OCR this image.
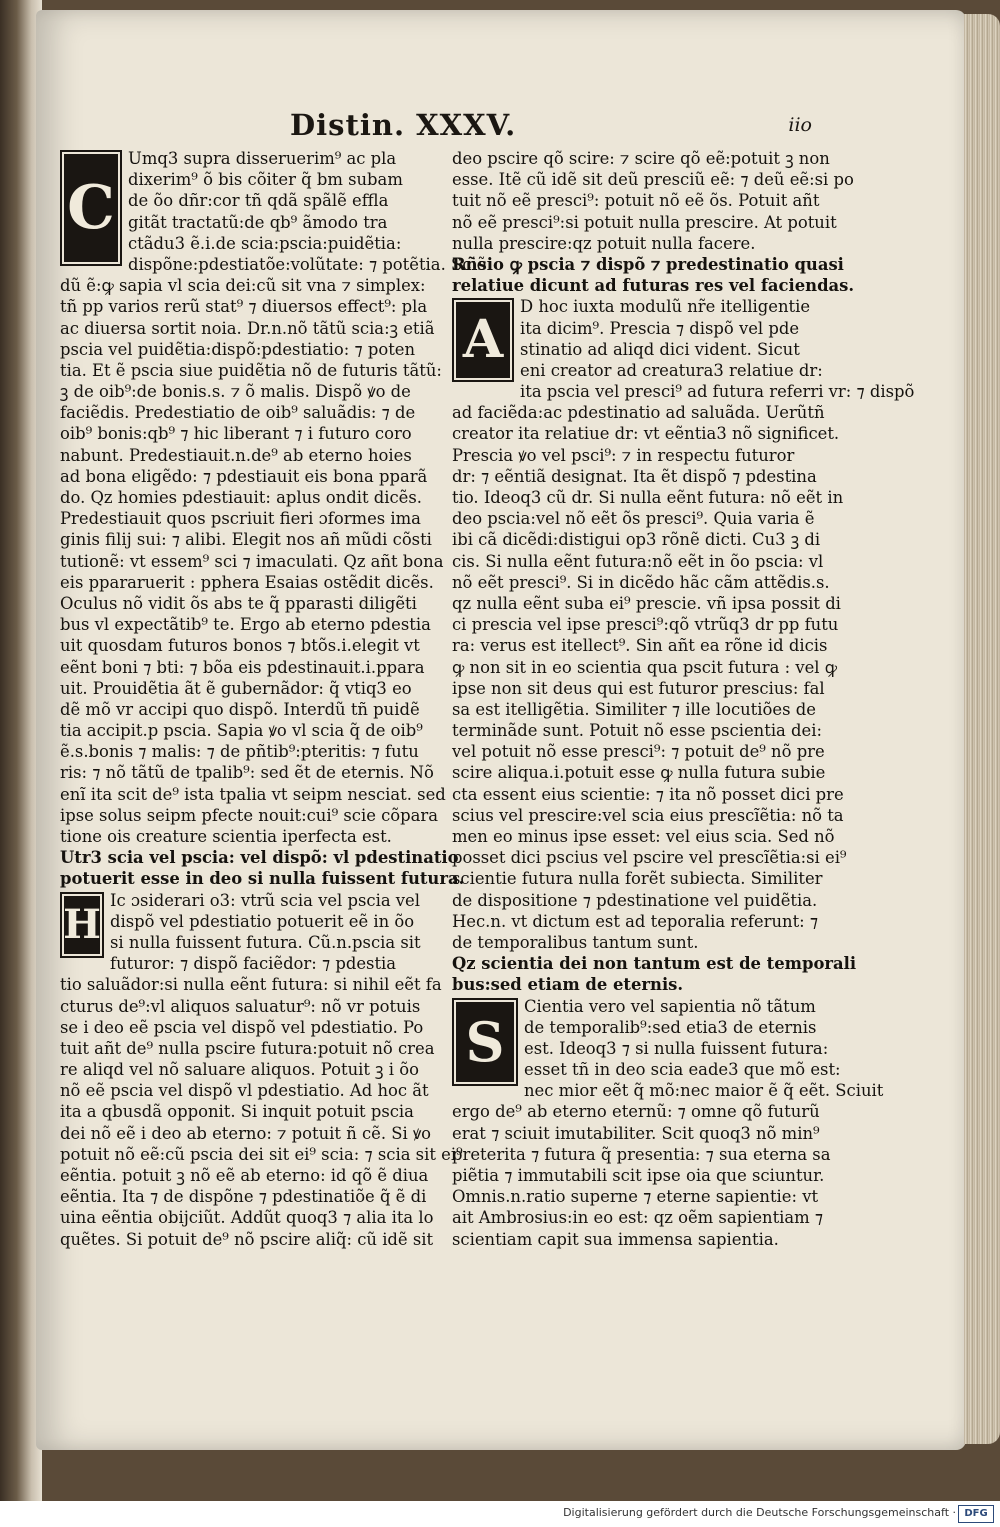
Distin. XXXV.	iio
C
Umq3 supra disseruerim⁹ ac pla
dixerim⁹ õ bis cõiter q̃ bm subam
de õo dñr:cor tñ qdã spãlẽ effla
gitãt tractatũ:de qb⁹ ãmodo tra
ctãdu3 ẽ.i.de scia:pscia:puidẽtia:
dispõne:pdestiatõe:volũtate: ⁊ potẽtia. Sciẽ
dũ ẽ:ꝙ sapia vl scia dei:cũ sit vna ⁊ simplex:
tñ pp varios rerũ stat⁹ ⁊ diuersos effect⁹: pla
ac diuersa sortit noia. Dr.n.nõ tãtũ scia:ꝫ etiã
pscia vel puidẽtia:dispõ:pdestiatio: ⁊ poten
tia. Et ẽ pscia siue puidẽtia nõ de futuris tãtũ:
ꝫ de oib⁹:de bonis.s. ⁊ õ malis. Dispõ ꝟo de
faciẽdis. Predestiatio de oib⁹ saluãdis: ⁊ de
oib⁹ bonis:qb⁹ ⁊ hic liberant ⁊ i futuro coro
nabunt. Predestiauit.n.de⁹ ab eterno hoies
ad bona eligẽdo: ⁊ pdestiauit eis bona pparã
do. Qz homies pdestiauit: aplus ondit dicẽs.
Predestiauit quos pscriuit fieri ɔformes ima
ginis filij sui: ⁊ alibi. Elegit nos añ mũdi cõsti
tutionẽ: vt essem⁹ sci ⁊ imaculati. Qz añt bona
eis ppararuerit : pphera Esaias ostẽdit dicẽs.
Oculus nõ vidit õs abs te q̃ pparasti diligẽti
bus vl expectãtib⁹ te. Ergo ab eterno pdestia
uit quosdam futuros bonos ⁊ btõs.i.elegit vt
eẽnt boni ⁊ bti: ⁊ bõa eis pdestinauit.i.ppara
uit. Prouidẽtia ãt ẽ gubernãdor: q̃ vtiq3 eo
dẽ mõ vr accipi quo dispõ. Interdũ tñ puidẽ
tia accipit.p pscia. Sapia ꝟo vl scia q̃ de oib⁹
ẽ.s.bonis ⁊ malis: ⁊ de pñtib⁹:pteritis: ⁊ futu
ris: ⁊ nõ tãtũ de tpalib⁹: sed ẽt de eternis. Nõ
enĩ ita scit de⁹ ista tpalia vt seipm nesciat. sed
ipse solus seipm pfecte nouit:cui⁹ scie cõpara
tione ois creature scientia iperfecta est.
Utr3 scia vel pscia: vel dispõ: vl pdestinatio
potuerit esse in deo si nulla fuissent futura.
H
Ic ɔsiderari o3: vtrũ scia vel pscia vel
dispõ vel pdestiatio potuerit eẽ in õo
si nulla fuissent futura. Cũ.n.pscia sit
futuror: ⁊ dispõ faciẽdor: ⁊ pdestia
tio saluãdor:si nulla eẽnt futura: si nihil eẽt fa
cturus de⁹:vl aliquos saluatur⁹: nõ vr potuis
se i deo eẽ pscia vel dispõ vel pdestiatio. Po
tuit añt de⁹ nulla pscire futura:potuit nõ crea
re aliqd vel nõ saluare aliquos. Potuit ꝫ i õo
nõ eẽ pscia vel dispõ vl pdestiatio. Ad hoc ãt
ita a qbusdã opponit. Si inquit potuit pscia
dei nõ eẽ i deo ab eterno: ⁊ potuit ñ cẽ. Si ꝟo
potuit nõ eẽ:cũ pscia dei sit ei⁹ scia: ⁊ scia sit ei⁹
eẽntia. potuit ꝫ nõ eẽ ab eterno: id qõ ẽ diua
eẽntia. Ita ⁊ de dispõne ⁊ pdestinatiõe q̃ ẽ di
uina eẽntia obijciũt. Addũt quoq3 ⁊ alia ita lo
quẽtes. Si potuit de⁹ nõ pscire aliq̃: cũ idẽ sit
deo pscire qõ scire: ⁊ scire qõ eẽ:potuit ꝫ non
esse. Itẽ cũ idẽ sit deũ presciũ eẽ: ⁊ deũ eẽ:si po
tuit nõ eẽ presci⁹: potuit nõ eẽ õs. Potuit añt
nõ eẽ presci⁹:si potuit nulla prescire. At potuit
nulla prescire:qz potuit nulla facere.
Rñsio ꝙ pscia ⁊ dispõ ⁊ predestinatio quasi
relatiue dicunt ad futuras res vel faciendas.
A
D hoc iuxta modulũ nr̃e itelligentie
ita dicim⁹. Prescia ⁊ dispõ vel pde
stinatio ad aliqd dici vident. Sicut
eni creator ad creatura3 relatiue dr:
ita pscia vel presci⁹ ad futura referri vr: ⁊ dispõ
ad faciẽda:ac pdestinatio ad saluãda. Uerũtñ
creator ita relatiue dr: vt eẽntia3 nõ significet.
Prescia ꝟo vel psci⁹: ⁊ in respectu futuror
dr: ⁊ eẽntiã designat. Ita ẽt dispõ ⁊ pdestina
tio. Ideoq3 cũ dr. Si nulla eẽnt futura: nõ eẽt in
deo pscia:vel nõ eẽt õs presci⁹. Quia varia ẽ
ibi cã dicẽdi:distigui op3 rõnẽ dicti. Cu3 ꝫ di
cis. Si nulla eẽnt futura:nõ eẽt in õo pscia: vl
nõ eẽt presci⁹. Si in dicẽdo hãc cãm attẽdis.s.
qz nulla eẽnt suba ei⁹ prescie. vñ ipsa possit di
ci prescia vel ipse presci⁹:qõ vtrũq3 dr pp futu
ra: verus est itellect⁹. Sin añt ea rõne id dicis
ꝙ non sit in eo scientia qua pscit futura : vel ꝙ
ipse non sit deus qui est futuror prescius: fal
sa est itelligẽtia. Similiter ⁊ ille locutiões de
terminãde sunt. Potuit nõ esse pscientia dei:
vel potuit nõ esse presci⁹: ⁊ potuit de⁹ nõ pre
scire aliqua.i.potuit esse ꝙ nulla futura subie
cta essent eius scientie: ⁊ ita nõ posset dici pre
scius vel prescire:vel scia eius prescĩẽtia: nõ ta
men eo minus ipse esset: vel eius scia. Sed nõ
posset dici pscius vel pscire vel prescĩẽtia:si ei⁹
scientie futura nulla forẽt subiecta. Similiter
de dispositione ⁊ pdestinatione vel puidẽtia.
Hec.n. vt dictum est ad teporalia referunt: ⁊
de temporalibus tantum sunt.
Qz scientia dei non tantum est de temporali
bus:sed etiam de eternis.
S
Cientia vero vel sapientia nõ tãtum
de temporalib⁹:sed etia3 de eternis
est. Ideoq3 ⁊ si nulla fuissent futura:
esset tñ in deo scia eade3 que mõ est:
nec mior eẽt q̃ mõ:nec maior ẽ q̃ eẽt. Sciuit
ergo de⁹ ab eterno eternũ: ⁊ omne qõ futurũ
erat ⁊ sciuit imutabiliter. Scit quoq3 nõ min⁹
preterita ⁊ futura q̃ presentia: ⁊ sua eterna sa
piẽtia ⁊ immutabili scit ipse oia que sciuntur.
Omnis.n.ratio superne ⁊ eterne sapientie: vt
ait Ambrosius:in eo est: qz oẽm sapientiam ⁊
scientiam capit sua immensa sapientia.
Digitalisierung gefördert durch die Deutsche Forschungsgemeinschaft · DFG
